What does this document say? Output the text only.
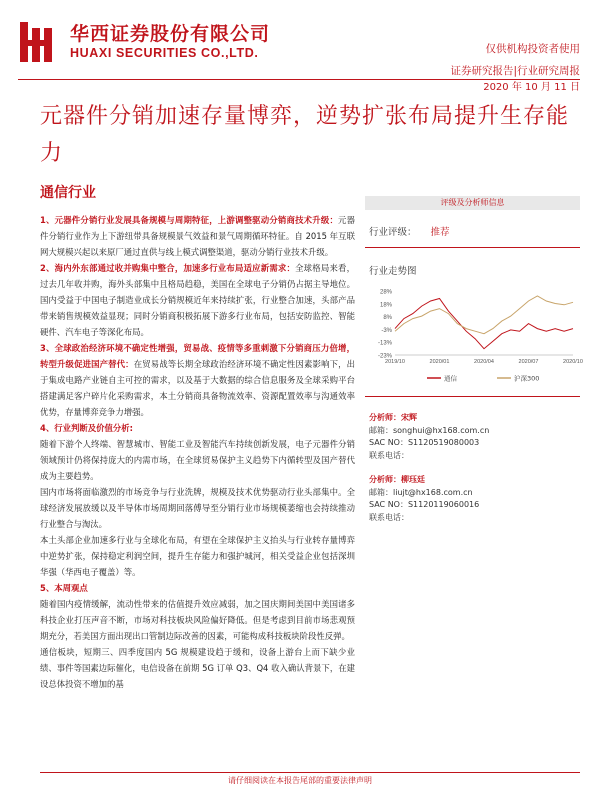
华西证券股份有限公司
HUAXI SECURITIES CO.,LTD.	仅供机构投资者使用
证券研究报告|行业研究周报
2020 年 10 月 11 日
元器件分销加速存量博弈，逆势扩张布局提升生存能力
通信行业

1、元器件分销行业发展具备规模与周期特征，上游调整驱动分销商技术升级：元器件分销行业作为上下游纽带具备规模景气效益和景气周期循环特征。自 2015 年互联网大规模兴起以来原厂通过直供与线上模式调整渠道，驱动分销行业技术升级。

2、海内外东部通过收并购集中整合，加速多行业布局适应新需求：全球格局来看，过去几年收并购，海外头部集中且格局趋稳，美国在全球电子分销仍占据主导地位。国内受益于中国电子制造业成长分销规模近年来持续扩张，行业整合加速，头部产品带来销售规模效益显现；同时分销商积极拓展下游多行业布局，包括安防监控、智能硬件、汽车电子等深化布局。

3、全球政治经济环境不确定性增强，贸易战、疫情等多重刺激下分销商压力倍增，转型升级促进国产替代：在贸易战等长期全球政治经济环境不确定性因素影响下，出于集成电路产业链自主可控的需求，以及基于大数据的综合信息服务及全球采购平台搭建满足客户碎片化采购需求，本土分销商具备物流效率、资源配置效率与沟通效率优势，存量博弈竞争力增强。

4、行业判断及价值分析:

随着下游个人终端、智慧城市、智能工业及智能汽车持续创新发展，电子元器件分销领域预计仍将保持庞大的内需市场，在全球贸易保护主义趋势下内循转型及国产替代成为主要趋势。

国内市场将面临激烈的市场竞争与行业洗牌，规模及技术优势驱动行业头部集中。全球经济发展放缓以及半导体市场周期回落傅导至分销行业市场规模萎缩也会持续推动行业整合与淘汰。

本土头部企业加速多行业与全球化布局，有望在全球保护主义抬头与行业转存量博弈中逆势扩张，保持稳定利润空间，提升生存能力和强护城河，相关受益企业包括深圳华强（华西电子覆盖）等。

5、本周观点

随着国内疫情缓解，流动性带来的估值提升效应减弱，加之国庆期间美国中美国诸多科技企业打压声音不断，市场对科技板块风险偏好降低。但是考虑到目前市场悲观预期充分，若美国方面出现出口管制边际改善的因素，可能构成科技板块阶段性反弹。

通信板块，短期三、四季度国内 5G 规模建设趋于缓和，设备上游台上而下缺少业绩、事件等国素边际催化，电信设备在前期 5G 订单 Q3、Q4 收入确认背景下，在建设总体投资不增加的基

评级及分析师信息
行业评级： 推荐
行业走势图
28%
18%
8%
-3%
-13%
-23%
2019/10	2020/01	2020/04	2020/07	2020/10
通信	沪深300
分析师：宋辉
邮箱：songhui@hx168.com.cn
SAC NO：S1120519080003
联系电话：
分析师：柳珏廷
邮箱：liujt@hx168.com.cn
SAC NO：S1120119060016
联系电话：
请仔细阅读在本报告尾部的重要法律声明
